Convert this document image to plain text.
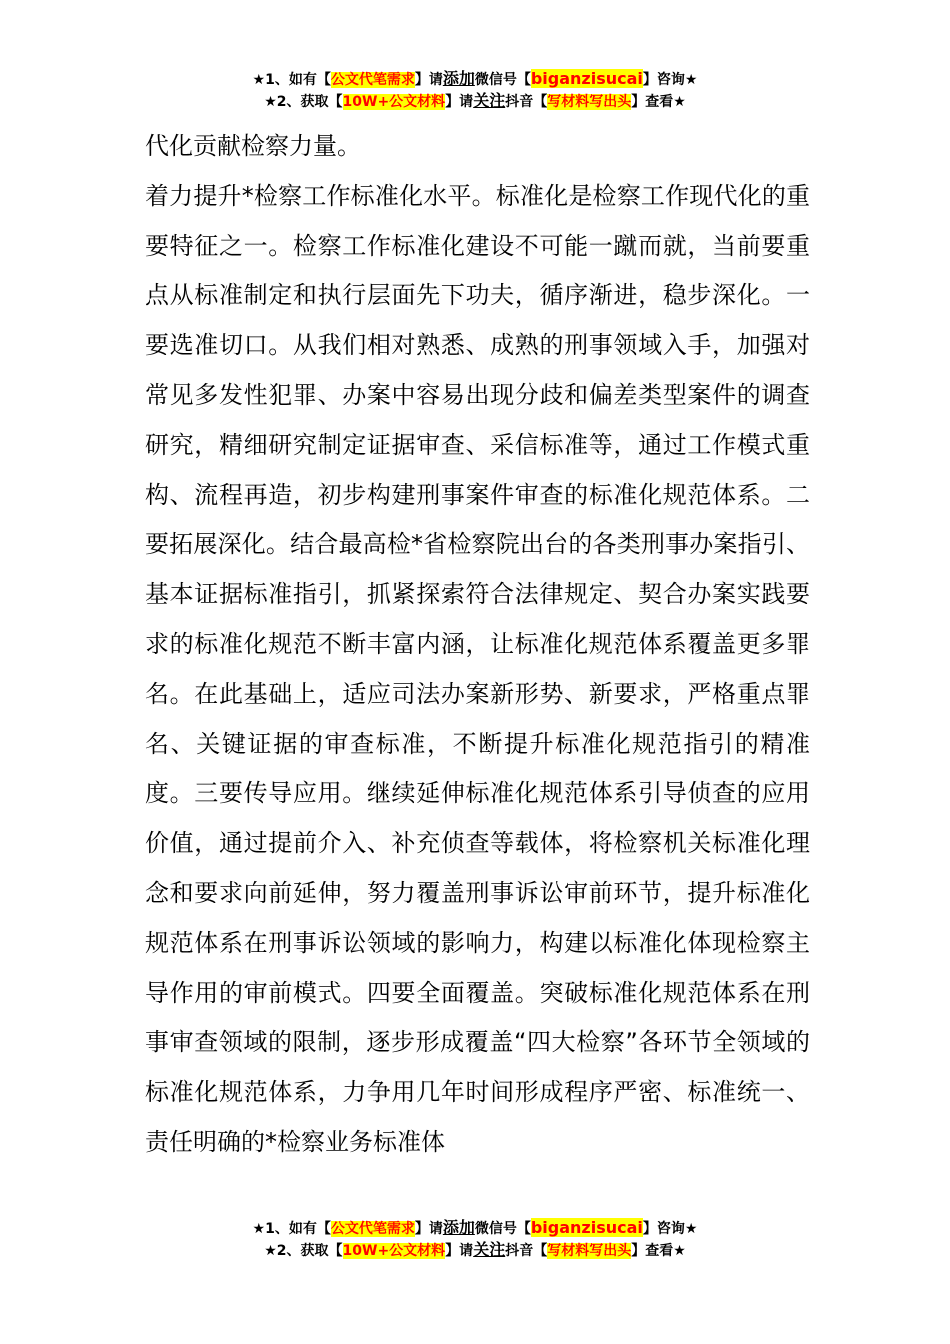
★1、如有【公文代笔需求】请添加微信号【biganzisucai】咨询★
★2、获取【10W+公文材料】请关注抖音【写材料写出头】查看★

代化贡献检察力量。

着力提升*检察工作标准化水平。标准化是检察工作现代化的重要特征之一。检察工作标准化建设不可能一蹴而就，当前要重点从标准制定和执行层面先下功夫，循序渐进，稳步深化。一要选准切口。从我们相对熟悉、成熟的刑事领域入手，加强对常见多发性犯罪、办案中容易出现分歧和偏差类型案件的调查研究，精细研究制定证据审查、采信标准等，通过工作模式重构、流程再造，初步构建刑事案件审查的标准化规范体系。二要拓展深化。结合最高检*省检察院出台的各类刑事办案指引、基本证据标准指引，抓紧探索符合法律规定、契合办案实践要求的标准化规范不断丰富内涵，让标准化规范体系覆盖更多罪名。在此基础上，适应司法办案新形势、新要求，严格重点罪名、关键证据的审查标准，不断提升标准化规范指引的精准度。三要传导应用。继续延伸标准化规范体系引导侦查的应用价值，通过提前介入、补充侦查等载体，将检察机关标准化理念和要求向前延伸，努力覆盖刑事诉讼审前环节，提升标准化规范体系在刑事诉讼领域的影响力，构建以标准化体现检察主导作用的审前模式。四要全面覆盖。突破标准化规范体系在刑事审查领域的限制，逐步形成覆盖“四大检察”各环节全领域的标准化规范体系，力争用几年时间形成程序严密、标准统一、责任明确的*检察业务标准体

★1、如有【公文代笔需求】请添加微信号【biganzisucai】咨询★
★2、获取【10W+公文材料】请关注抖音【写材料写出头】查看★
